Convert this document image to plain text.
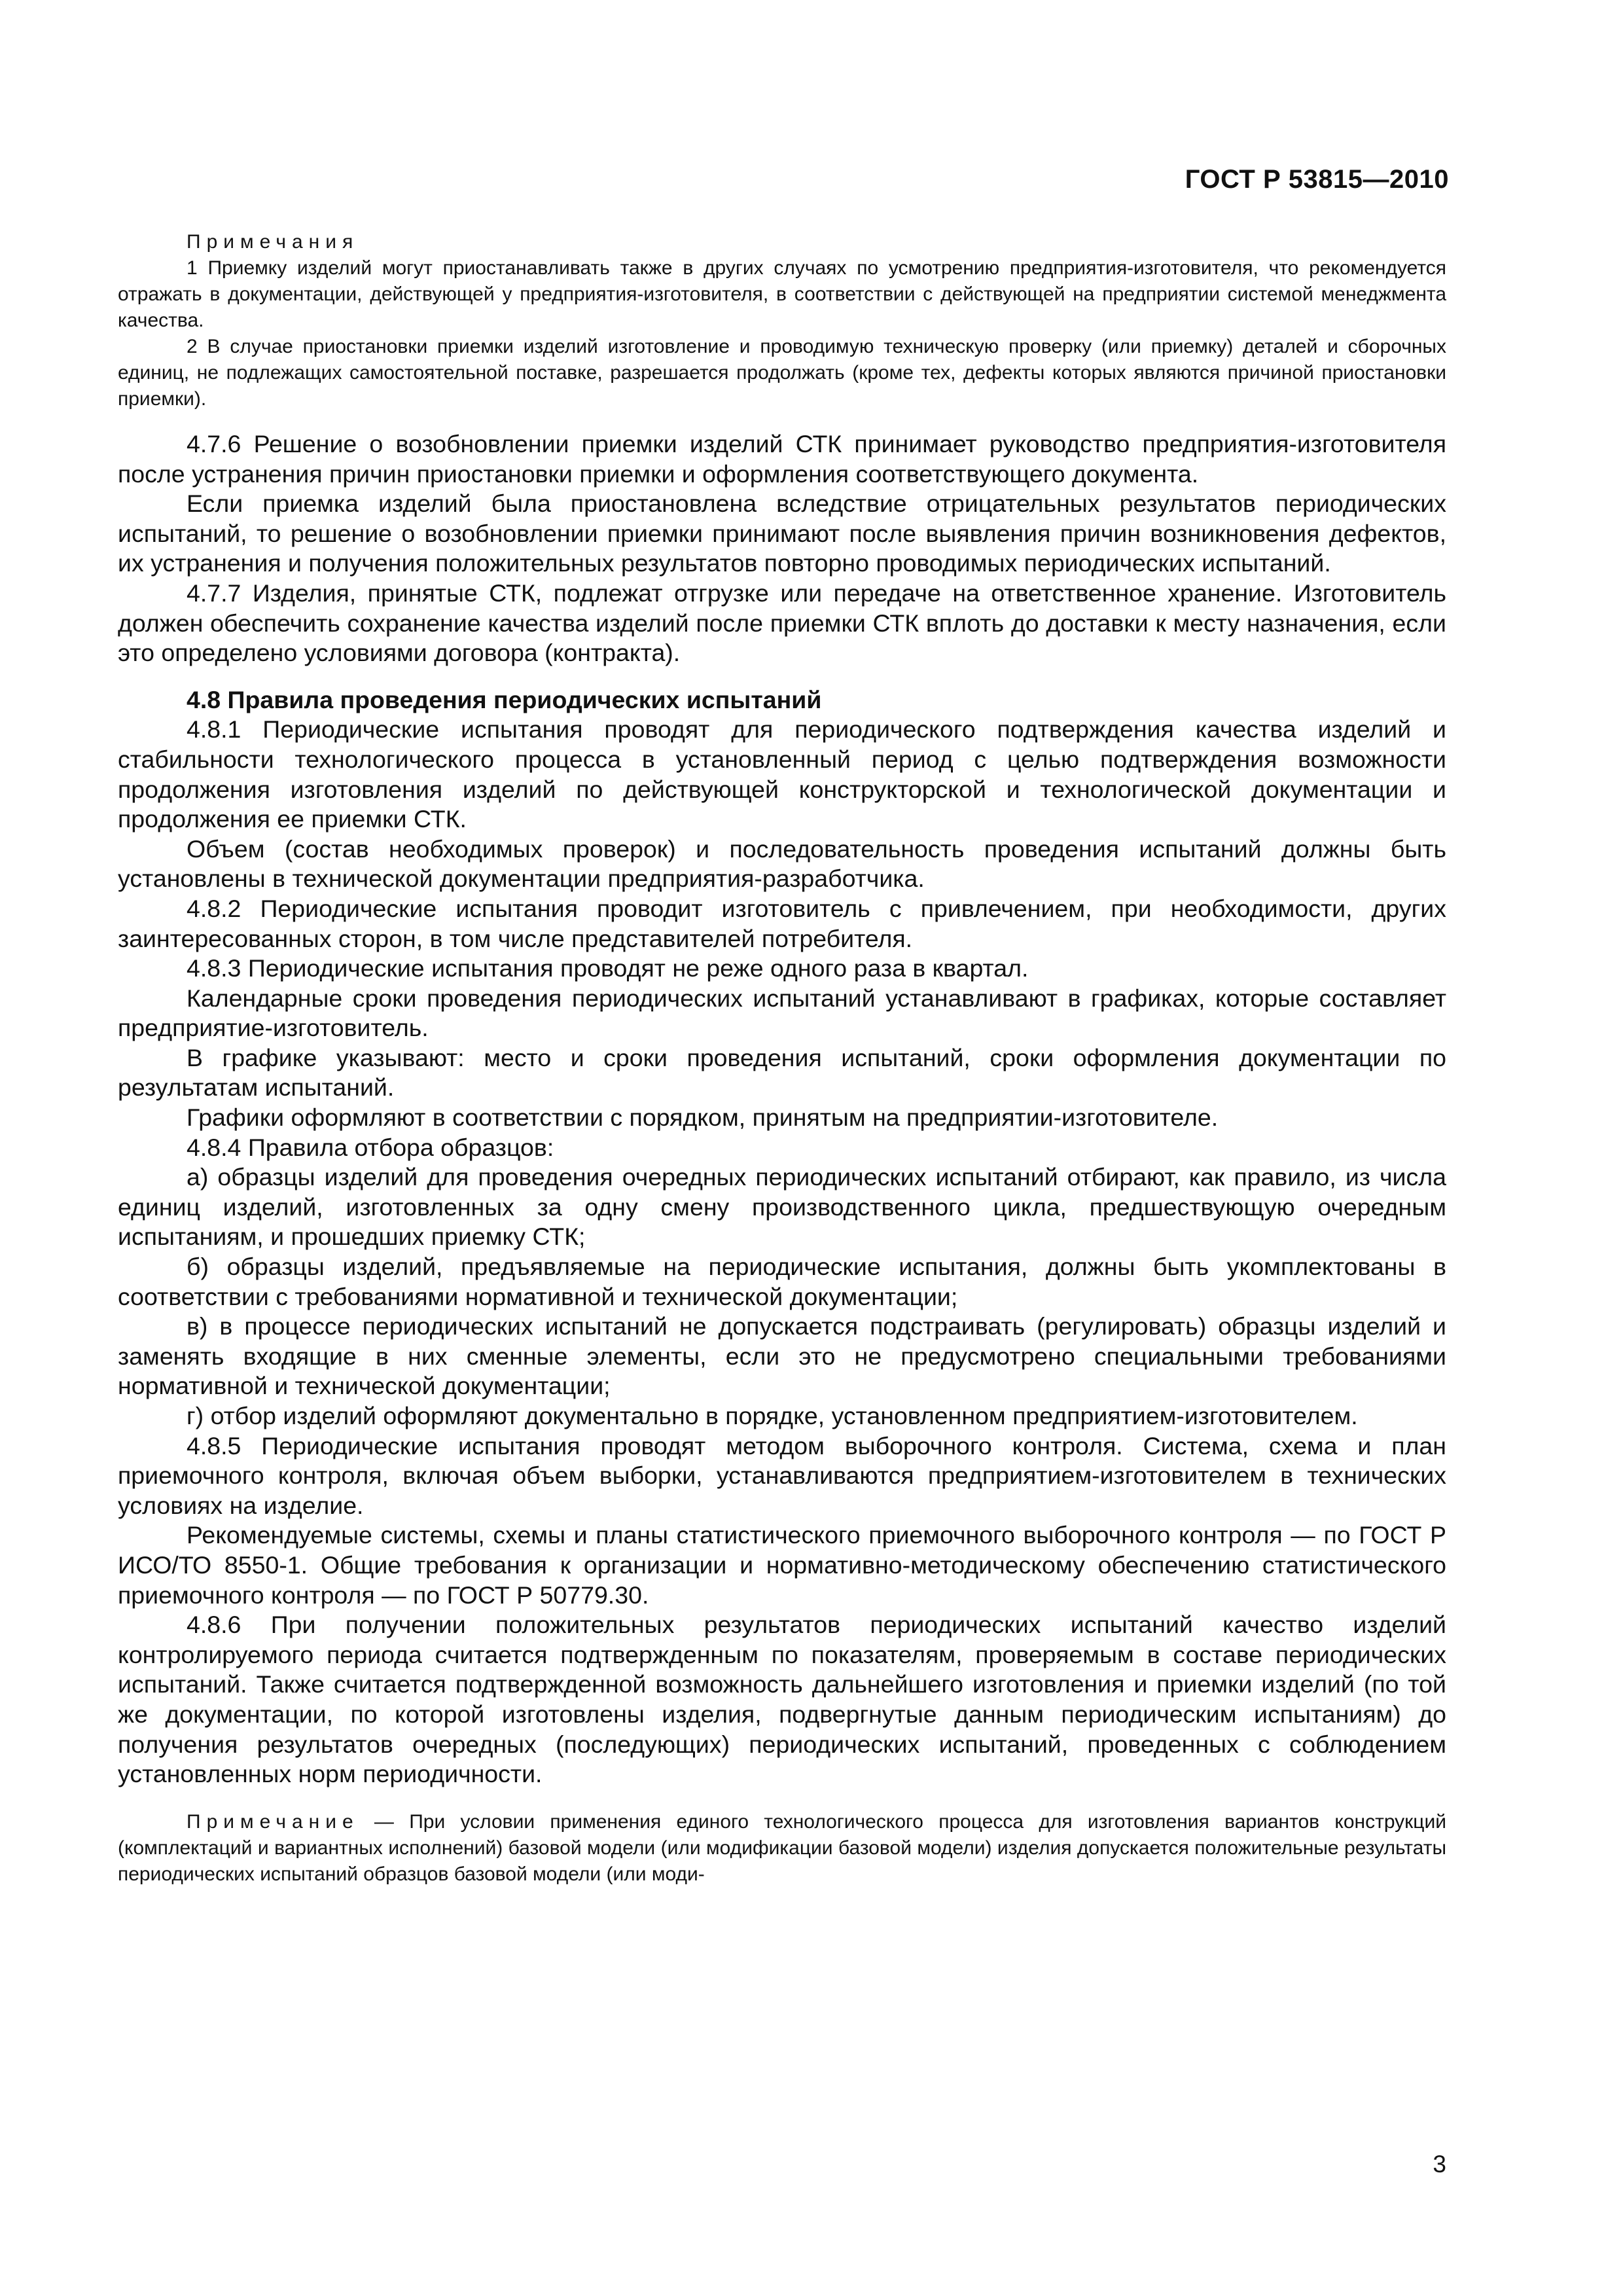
ГОСТ Р 53815—2010

Примечания

1 Приемку изделий могут приостанавливать также в других случаях по усмотрению предприятия-изготовителя, что рекомендуется отражать в документации, действующей у предприятия-изготовителя, в соответствии с действующей на предприятии системой менеджмента качества.

2 В случае приостановки приемки изделий изготовление и проводимую техническую проверку (или приемку) деталей и сборочных единиц, не подлежащих самостоятельной поставке, разрешается продолжать (кроме тех, дефекты которых являются причиной приостановки приемки).

4.7.6 Решение о возобновлении приемки изделий СТК принимает руководство предприятия-изготовителя после устранения причин приостановки приемки и оформления соответствующего документа.

Если приемка изделий была приостановлена вследствие отрицательных результатов периодических испытаний, то решение о возобновлении приемки принимают после выявления причин возникновения дефектов, их устранения и получения положительных результатов повторно проводимых периодических испытаний.

4.7.7 Изделия, принятые СТК, подлежат отгрузке или передаче на ответственное хранение. Изготовитель должен обеспечить сохранение качества изделий после приемки СТК вплоть до доставки к месту назначения, если это определено условиями договора (контракта).

4.8 Правила проведения периодических испытаний

4.8.1 Периодические испытания проводят для периодического подтверждения качества изделий и стабильности технологического процесса в установленный период с целью подтверждения возможности продолжения изготовления изделий по действующей конструкторской и технологической документации и продолжения ее приемки СТК.

Объем (состав необходимых проверок) и последовательность проведения испытаний должны быть установлены в технической документации предприятия-разработчика.

4.8.2 Периодические испытания проводит изготовитель с привлечением, при необходимости, других заинтересованных сторон, в том числе представителей потребителя.

4.8.3 Периодические испытания проводят не реже одного раза в квартал.

Календарные сроки проведения периодических испытаний устанавливают в графиках, которые составляет предприятие-изготовитель.

В графике указывают: место и сроки проведения испытаний, сроки оформления документации по результатам испытаний.

Графики оформляют в соответствии с порядком, принятым на предприятии-изготовителе.

4.8.4 Правила отбора образцов:

а) образцы изделий для проведения очередных периодических испытаний отбирают, как правило, из числа единиц изделий, изготовленных за одну смену производственного цикла, предшествующую очередным испытаниям, и прошедших приемку СТК;

б) образцы изделий, предъявляемые на периодические испытания, должны быть укомплектованы в соответствии с требованиями нормативной и технической документации;

в) в процессе периодических испытаний не допускается подстраивать (регулировать) образцы изделий и заменять входящие в них сменные элементы, если это не предусмотрено специальными требованиями нормативной и технической документации;

г) отбор изделий оформляют документально в порядке, установленном предприятием-изготовителем.

4.8.5 Периодические испытания проводят методом выборочного контроля. Система, схема и план приемочного контроля, включая объем выборки, устанавливаются предприятием-изготовителем в технических условиях на изделие.

Рекомендуемые системы, схемы и планы статистического приемочного выборочного контроля — по ГОСТ Р ИСО/ТО 8550-1. Общие требования к организации и нормативно-методическому обеспечению статистического приемочного контроля — по ГОСТ Р 50779.30.

4.8.6 При получении положительных результатов периодических испытаний качество изделий контролируемого периода считается подтвержденным по показателям, проверяемым в составе периодических испытаний. Также считается подтвержденной возможность дальнейшего изготовления и приемки изделий (по той же документации, по которой изготовлены изделия, подвергнутые данным периодическим испытаниям) до получения результатов очередных (последующих) периодических испытаний, проведенных с соблюдением установленных норм периодичности.

Примечание — При условии применения единого технологического процесса для изготовления вариантов конструкций (комплектаций и вариантных исполнений) базовой модели (или модификации базовой модели) изделия допускается положительные результаты периодических испытаний образцов базовой модели (или моди-

3
